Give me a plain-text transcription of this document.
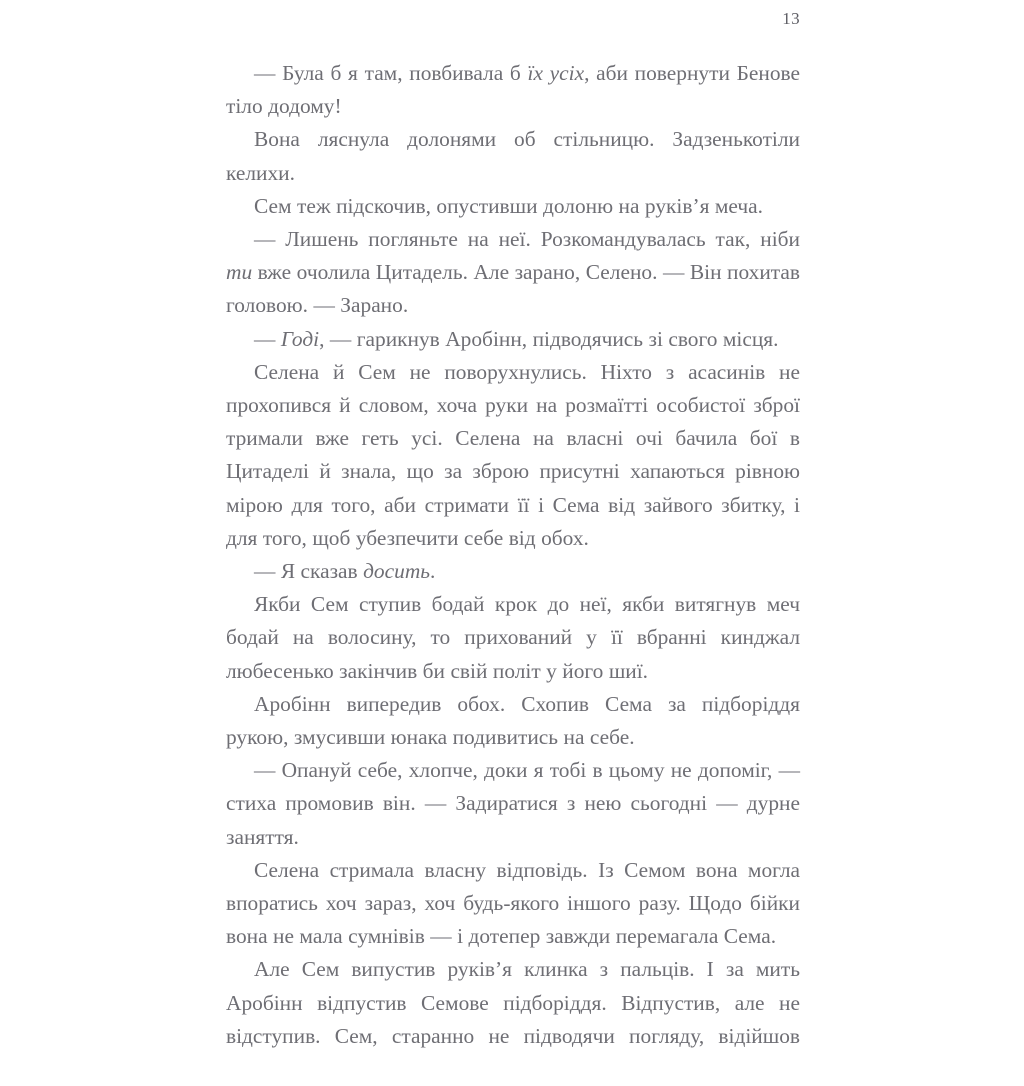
13

— Була б я там, повбивала б їх усіх, аби повернути Бенове тіло додому!

Вона ляснула долонями об стільницю. Задзенькотіли келихи.

Сем теж підскочив, опустивши долоню на руків’я меча.

— Лишень погляньте на неї. Розкомандувалась так, ніби ти вже очолила Цитадель. Але зарано, Селено. — Він похитав головою. — Зарано.

— Годі, — гарикнув Аробінн, підводячись зі свого місця.

Селена й Сем не поворухнулись. Ніхто з асасинів не прохопився й словом, хоча руки на розмаїтті особистої зброї тримали вже геть усі. Селена на власні очі бачила бої в Цитаделі й знала, що за зброю присутні хапаються рівною мірою для того, аби стримати її і Сема від зайвого збитку, і для того, щоб убезпечити себе від обох.

— Я сказав досить.

Якби Сем ступив бодай крок до неї, якби витягнув меч бодай на волосину, то прихований у її вбранні кинджал любесенько закінчив би свій політ у його шиї.

Аробінн випередив обох. Схопив Сема за підборіддя рукою, змусивши юнака подивитись на себе.

— Опануй себе, хлопче, доки я тобі в цьому не допоміг, — стиха промовив він. — Задиратися з нею сьогодні — дурне заняття.

Селена стримала власну відповідь. Із Семом вона могла впоратись хоч зараз, хоч будь-якого іншого разу. Щодо бійки вона не мала сумнівів — і дотепер завжди перемагала Сема.

Але Сем випустив руків’я клинка з пальців. І за мить Аробінн відпустив Семове підборіддя. Відпустив, але не відступив. Сем, старанно не підводячи погляду, відійшов
